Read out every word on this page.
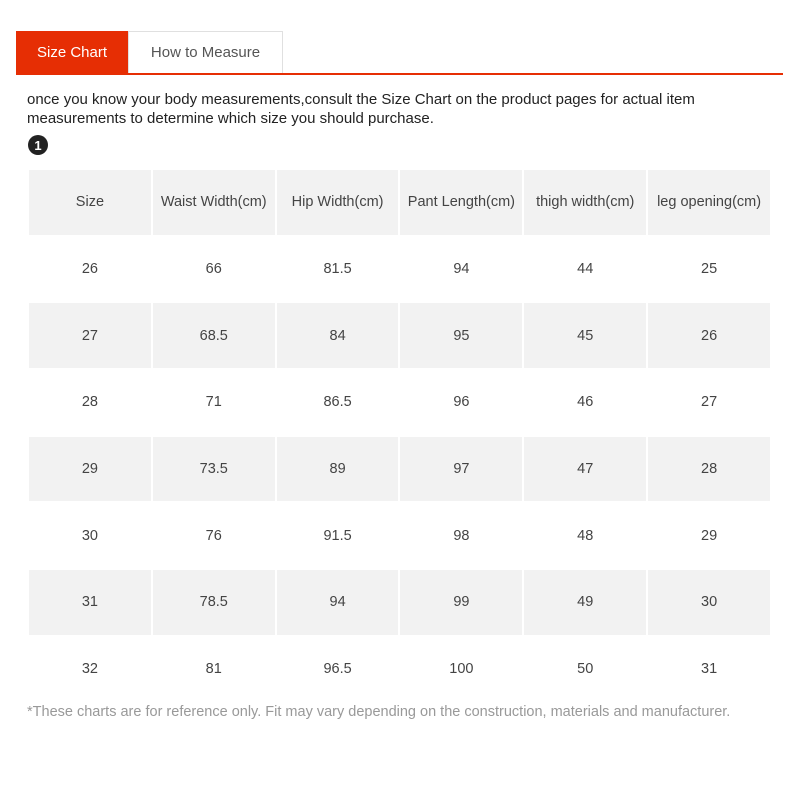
Size Chart	How to Measure

once you know your body measurements,consult the Size Chart on the product pages for actual item measurements to determine which size you should purchase.

1
Size	Waist Width(cm)	Hip Width(cm)	Pant Length(cm)	thigh width(cm)	leg opening(cm)
26	66	81.5	94	44	25
27	68.5	84	95	45	26
28	71	86.5	96	46	27
29	73.5	89	97	47	28
30	76	91.5	98	48	29
31	78.5	94	99	49	30
32	81	96.5	100	50	31

*These charts are for reference only. Fit may vary depending on the construction, materials and manufacturer.
